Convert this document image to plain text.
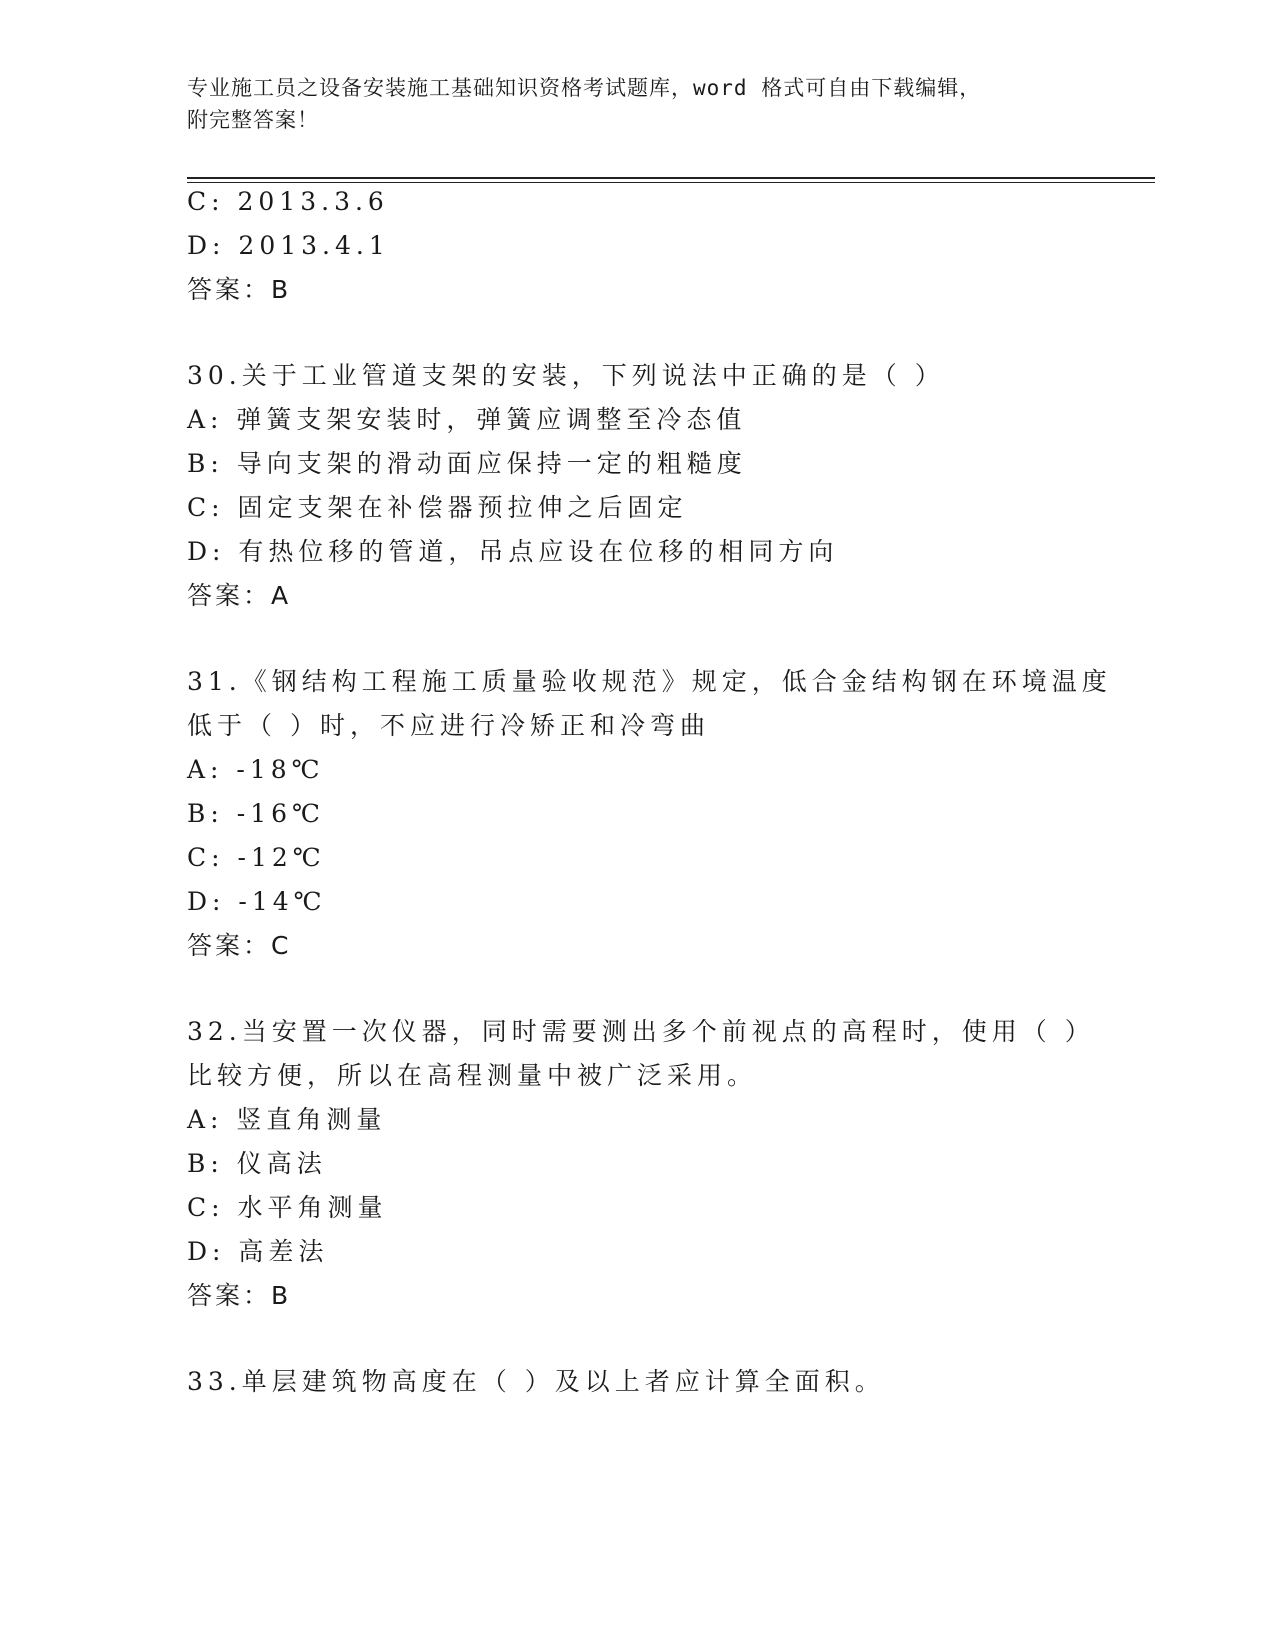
专业施工员之设备安装施工基础知识资格考试题库，word 格式可自由下载编辑，
附完整答案！
C: 2013.3.6
D: 2013.4.1
答案：B
30.关于工业管道支架的安装，下列说法中正确的是（ ）
A: 弹簧支架安装时，弹簧应调整至冷态值
B: 导向支架的滑动面应保持一定的粗糙度
C: 固定支架在补偿器预拉伸之后固定
D: 有热位移的管道，吊点应设在位移的相同方向
答案：A
31.《钢结构工程施工质量验收规范》规定，低合金结构钢在环境温度
低于（ ）时，不应进行冷矫正和冷弯曲
A: -18℃
B: -16℃
C: -12℃
D: -14℃
答案：C
32.当安置一次仪器，同时需要测出多个前视点的高程时，使用（ ）
比较方便，所以在高程测量中被广泛采用。
A: 竖直角测量
B: 仪高法
C: 水平角测量
D: 高差法
答案：B
33.单层建筑物高度在（ ）及以上者应计算全面积。
